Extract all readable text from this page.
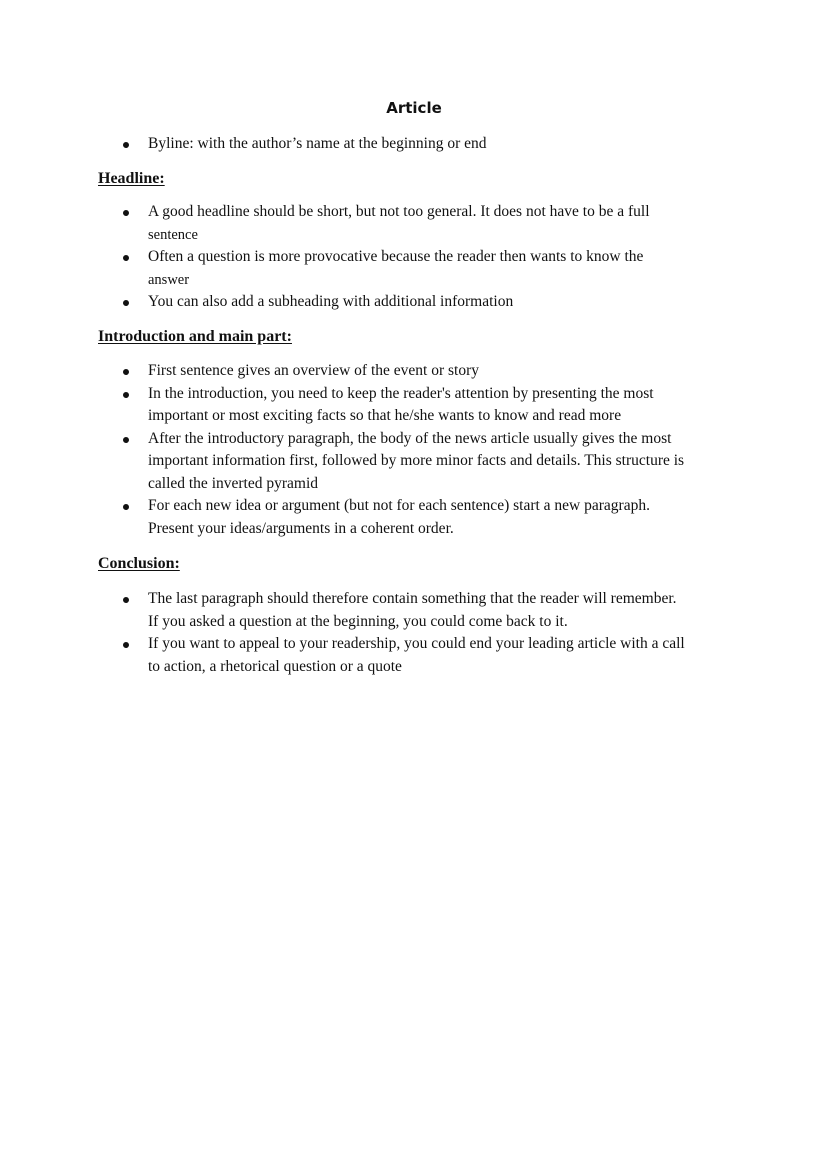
Article
Byline: with the author’s name at the beginning or end
Headline:
A good headline should be short, but not too general. It does not have to be a full
sentence
Often a question is more provocative because the reader then wants to know the
answer
You can also add a subheading with additional information
Introduction and main part:
First sentence gives an overview of the event or story
In the introduction, you need to keep the reader's attention by presenting the most
important or most exciting facts so that he/she wants to know and read more
After the introductory paragraph, the body of the news article usually gives the most
important information first, followed by more minor facts and details. This structure is
called the inverted pyramid
For each new idea or argument (but not for each sentence) start a new paragraph.
Present your ideas/arguments in a coherent order.
Conclusion:
The last paragraph should therefore contain something that the reader will remember.
If you asked a question at the beginning, you could come back to it.
If you want to appeal to your readership, you could end your leading article with a call
to action, a rhetorical question or a quote
